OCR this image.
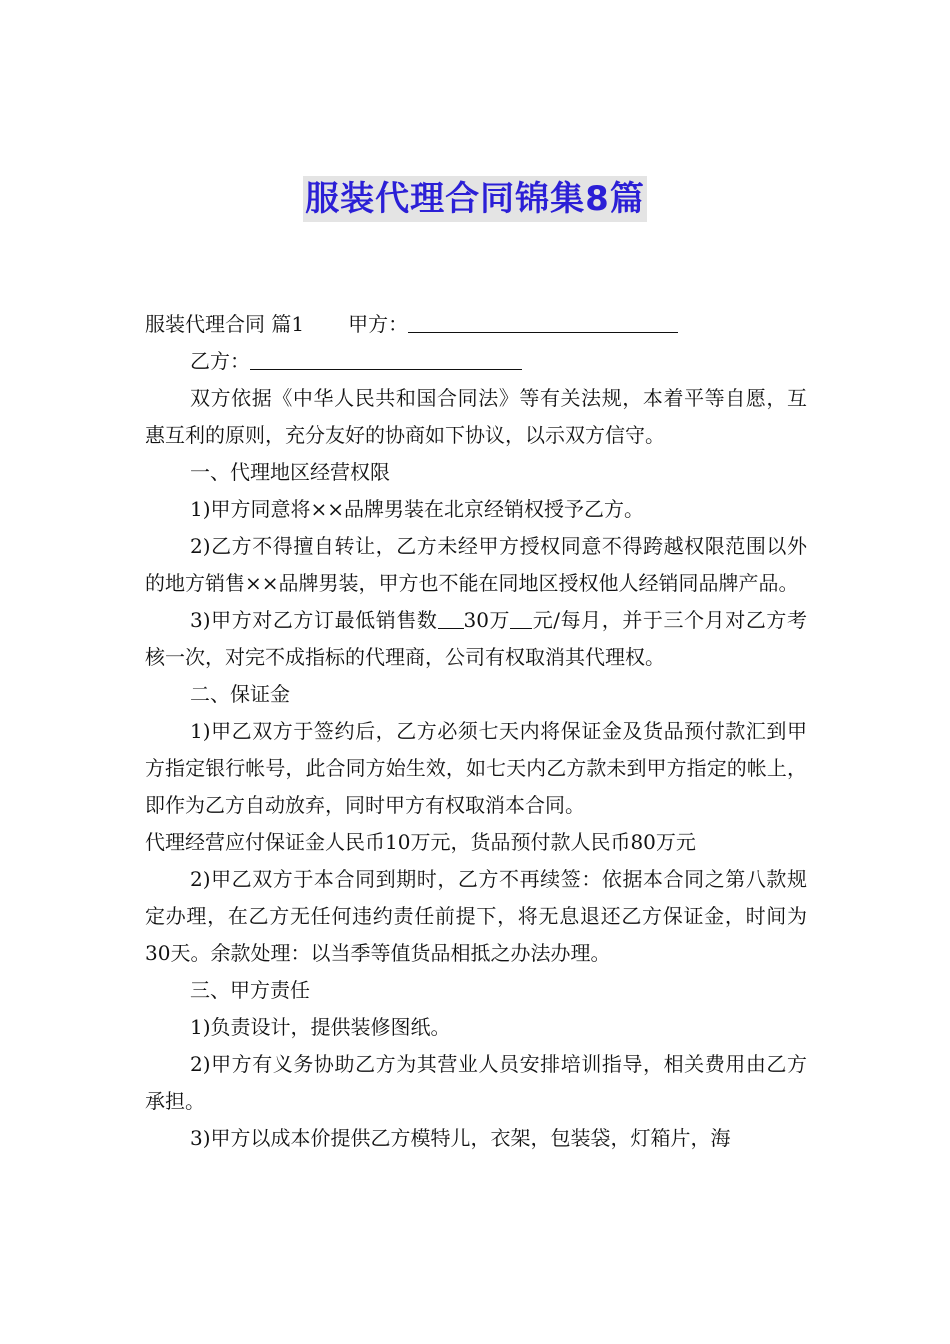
服装代理合同锦集8篇

服装代理合同 篇1 甲方：

乙方：

双方依据《中华人民共和国合同法》等有关法规，本着平等自愿，互惠互利的原则，充分友好的协商如下协议，以示双方信守。

一、代理地区经营权限

1)甲方同意将××品牌男装在北京经销权授予乙方。

2)乙方不得擅自转让，乙方未经甲方授权同意不得跨越权限范围以外的地方销售××品牌男装，甲方也不能在同地区授权他人经销同品牌产品。

3)甲方对乙方订最低销售数 30万 元/每月，并于三个月对乙方考核一次，对完不成指标的代理商，公司有权取消其代理权。

二、保证金

1)甲乙双方于签约后，乙方必须七天内将保证金及货品预付款汇到甲方指定银行帐号，此合同方始生效，如七天内乙方款未到甲方指定的帐上，即作为乙方自动放弃，同时甲方有权取消本合同。

代理经营应付保证金人民币10万元，货品预付款人民币80万元

2)甲乙双方于本合同到期时，乙方不再续签：依据本合同之第八款规定办理，在乙方无任何违约责任前提下，将无息退还乙方保证金，时间为30天。余款处理：以当季等值货品相抵之办法办理。

三、甲方责任

1)负责设计，提供装修图纸。

2)甲方有义务协助乙方为其营业人员安排培训指导，相关费用由乙方承担。

3)甲方以成本价提供乙方模特儿，衣架，包装袋，灯箱片，海
